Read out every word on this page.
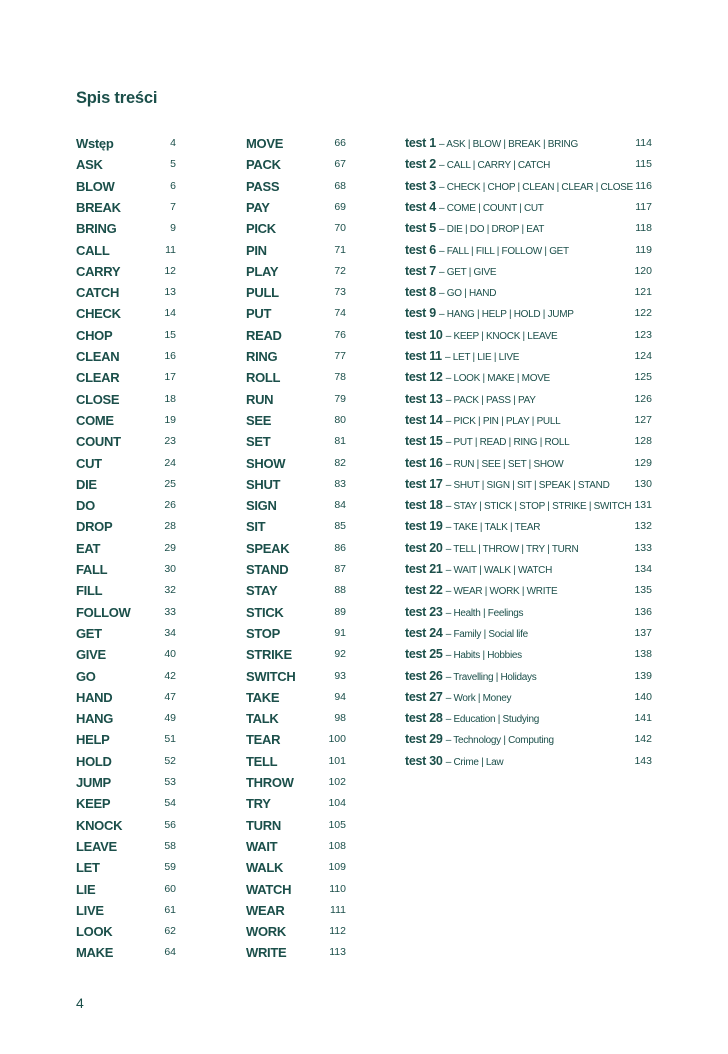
Spis treści
Wstęp	4
ASK	5
BLOW	6
BREAK	7
BRING	9
CALL	11
CARRY	12
CATCH	13
CHECK	14
CHOP	15
CLEAN	16
CLEAR	17
CLOSE	18
COME	19
COUNT	23
CUT	24
DIE	25
DO	26
DROP	28
EAT	29
FALL	30
FILL	32
FOLLOW	33
GET	34
GIVE	40
GO	42
HAND	47
HANG	49
HELP	51
HOLD	52
JUMP	53
KEEP	54
KNOCK	56
LEAVE	58
LET	59
LIE	60
LIVE	61
LOOK	62
MAKE	64
MOVE	66
PACK	67
PASS	68
PAY	69
PICK	70
PIN	71
PLAY	72
PULL	73
PUT	74
READ	76
RING	77
ROLL	78
RUN	79
SEE	80
SET	81
SHOW	82
SHUT	83
SIGN	84
SIT	85
SPEAK	86
STAND	87
STAY	88
STICK	89
STOP	91
STRIKE	92
SWITCH	93
TAKE	94
TALK	98
TEAR	100
TELL	101
THROW	102
TRY	104
TURN	105
WAIT	108
WALK	109
WATCH	110
WEAR	111
WORK	112
WRITE	113
test 1 – ASK | BLOW | BREAK | BRING	114
test 2 – CALL | CARRY | CATCH	115
test 3 – CHECK | CHOP | CLEAN | CLEAR | CLOSE 116
test 4 – COME | COUNT | CUT	117
test 5 – DIE | DO | DROP | EAT	118
test 6 – FALL | FILL | FOLLOW | GET	119
test 7 – GET | GIVE	120
test 8 – GO | HAND	121
test 9 – HANG | HELP | HOLD | JUMP	122
test 10 – KEEP | KNOCK | LEAVE	123
test 11 – LET | LIE | LIVE	124
test 12 – LOOK | MAKE | MOVE	125
test 13 – PACK | PASS | PAY	126
test 14 – PICK | PIN | PLAY | PULL	127
test 15 – PUT | READ | RING | ROLL	128
test 16 – RUN | SEE | SET | SHOW	129
test 17 – SHUT | SIGN | SIT | SPEAK | STAND	130
test 18 – STAY | STICK | STOP | STRIKE | SWITCH 131
test 19 – TAKE | TALK | TEAR	132
test 20 – TELL | THROW | TRY | TURN	133
test 21 – WAIT | WALK | WATCH	134
test 22 – WEAR | WORK | WRITE	135
test 23 – Health | Feelings	136
test 24 – Family | Social life	137
test 25 – Habits | Hobbies	138
test 26 – Travelling | Holidays	139
test 27 – Work | Money	140
test 28 – Education | Studying	141
test 29 – Technology | Computing	142
test 30 – Crime | Law	143
4
